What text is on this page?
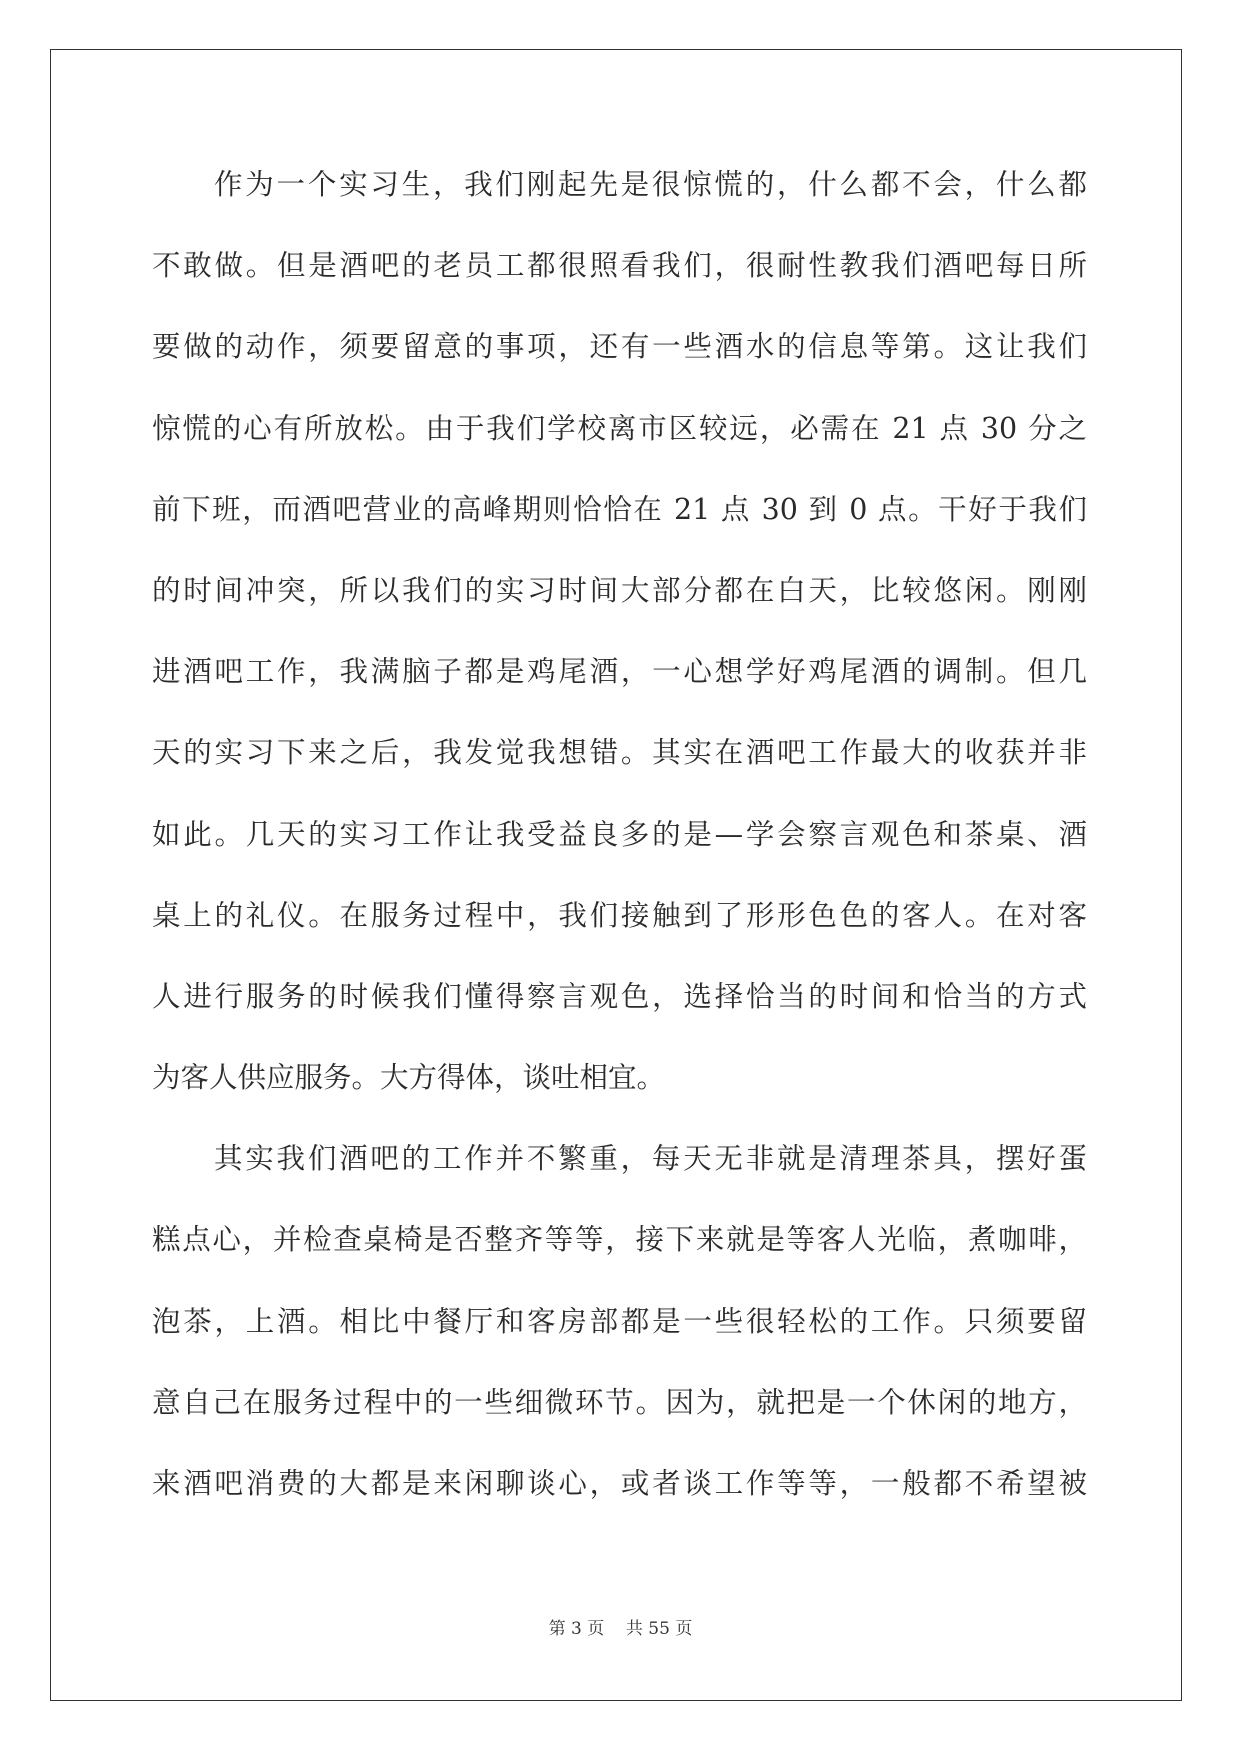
作为一个实习生，我们刚起先是很惊慌的，什么都不会，什么都
不敢做。但是酒吧的老员工都很照看我们，很耐性教我们酒吧每日所
要做的动作，须要留意的事项，还有一些酒水的信息等第。这让我们
惊慌的心有所放松。由于我们学校离市区较远，必需在 21 点 30 分之
前下班，而酒吧营业的高峰期则恰恰在 21 点 30 到 0 点。干好于我们
的时间冲突，所以我们的实习时间大部分都在白天，比较悠闲。刚刚
进酒吧工作，我满脑子都是鸡尾酒，一心想学好鸡尾酒的调制。但几
天的实习下来之后，我发觉我想错。其实在酒吧工作最大的收获并非
如此。几天的实习工作让我受益良多的是—学会察言观色和茶桌、酒
桌上的礼仪。在服务过程中，我们接触到了形形色色的客人。在对客
人进行服务的时候我们懂得察言观色，选择恰当的时间和恰当的方式
为客人供应服务。大方得体，谈吐相宜。
其实我们酒吧的工作并不繁重，每天无非就是清理茶具，摆好蛋
糕点心，并检查桌椅是否整齐等等，接下来就是等客人光临，煮咖啡，
泡茶，上酒。相比中餐厅和客房部都是一些很轻松的工作。只须要留
意自己在服务过程中的一些细微环节。因为，就把是一个休闲的地方，
来酒吧消费的大都是来闲聊谈心，或者谈工作等等，一般都不希望被
第 3 页    共 55 页
